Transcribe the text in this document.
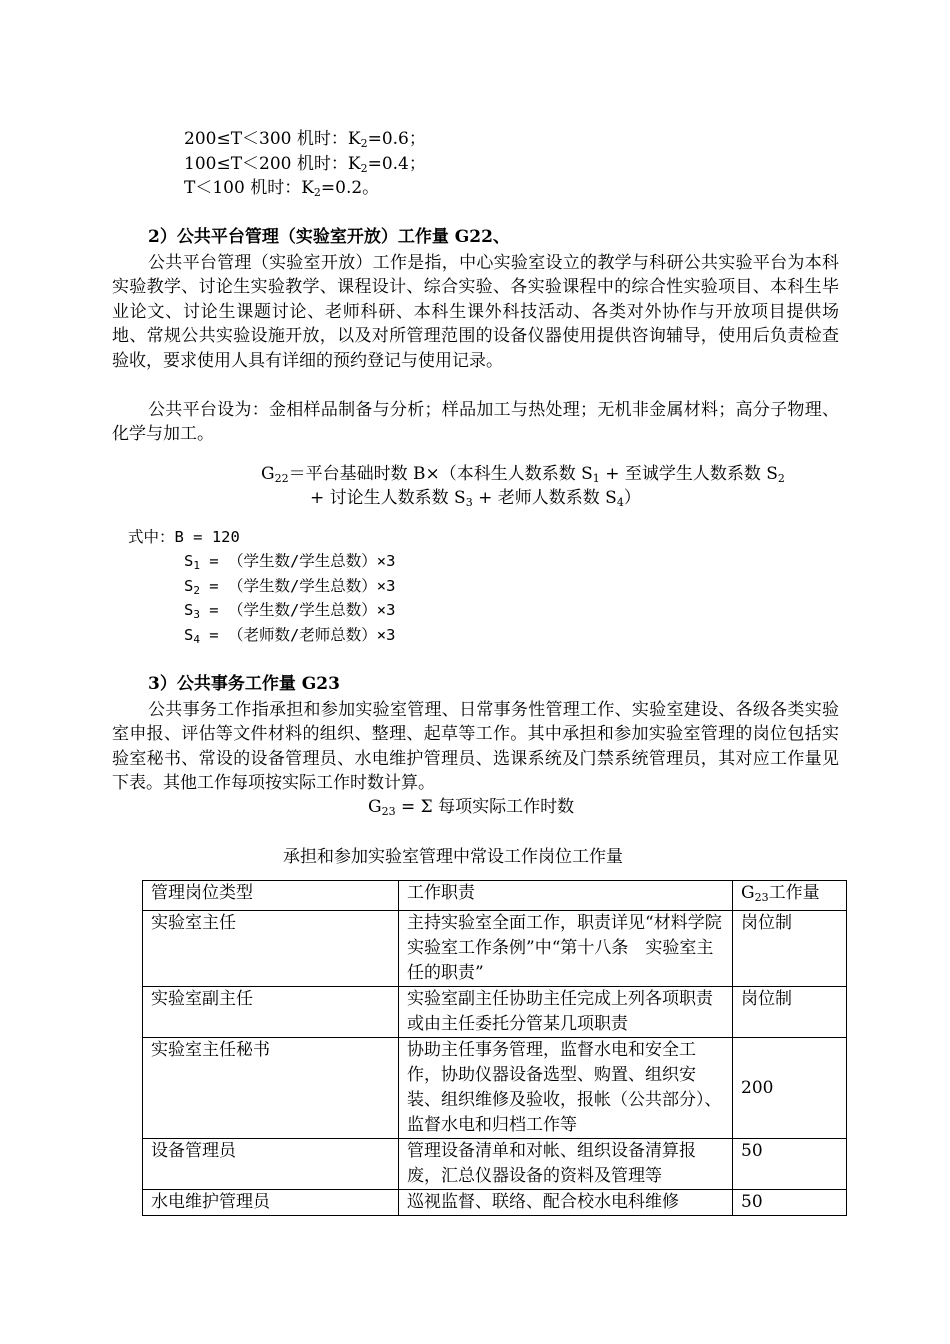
200≤T＜300 机时：$K_2=0.6$；
100≤T＜200 机时：$K_2=0.4$；
T＜100 机时：$K_2=0.2$。
2）公共平台管理（实验室开放）工作量 G22、
公共平台管理（实验室开放）工作是指，中心实验室设立的教学与科研公共实验平台为本科实验教学、讨论生实验教学、课程设计、综合实验、各实验课程中的综合性实验项目、本科生毕业论文、讨论生课题讨论、老师科研、本科生课外科技活动、各类对外协作与开放项目提供场地、常规公共实验设施开放，以及对所管理范围的设备仪器使用提供咨询辅导，使用后负责检查验收，要求使用人具有详细的预约登记与使用记录。
公共平台设为：金相样品制备与分析；样品加工与热处理；无机非金属材料；高分子物理、化学与加工。
$G_{22}=$平台基础时数 B×（本科生人数系数 $S_1$ + 至诚学生人数系数 $S_2$
+ 讨论生人数系数 $S_3$ + 老师人数系数 $S_4$）
式中：B = 120
$S_1$ = （学生数/学生总数）×3
$S_2$ = （学生数/学生总数）×3
$S_3$ = （学生数/学生总数）×3
$S_4$ = （老师数/老师总数）×3
3）公共事务工作量 G23
公共事务工作指承担和参加实验室管理、日常事务性管理工作、实验室建设、各级各类实验室申报、评估等文件材料的组织、整理、起草等工作。其中承担和参加实验室管理的岗位包括实验室秘书、常设的设备管理员、水电维护管理员、选课系统及门禁系统管理员，其对应工作量见下表。其他工作每项按实际工作时数计算。
$G_{23} = \Sigma$ 每项实际工作时数
承担和参加实验室管理中常设工作岗位工作量
管理岗位类型	工作职责	$G_{23}$工作量
实验室主任	主持实验室全面工作，职责详见“材料学院实验室工作条例”中“第十八条　实验室主任的职责”	岗位制
实验室副主任	实验室副主任协助主任完成上列各项职责或由主任委托分管某几项职责	岗位制
实验室主任秘书	协助主任事务管理，监督水电和安全工作，协助仪器设备选型、购置、组织安装、组织维修及验收，报帐（公共部分）、监督水电和归档工作等	200
设备管理员	管理设备清单和对帐、组织设备清算报废，汇总仪器设备的资料及管理等	50
水电维护管理员	巡视监督、联络、配合校水电科维修	50
